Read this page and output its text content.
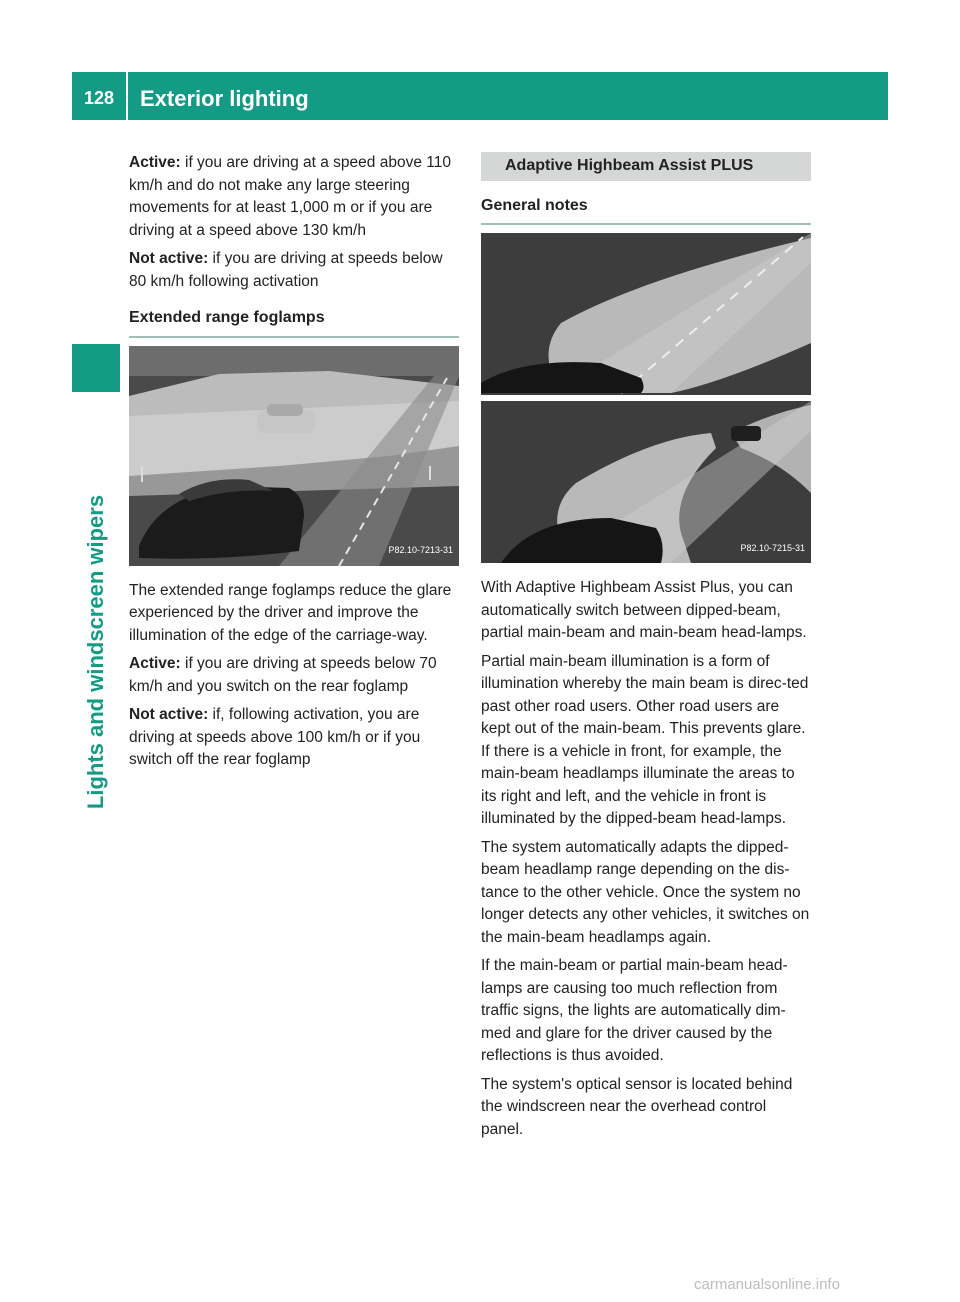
128	Exterior lighting
Lights and windscreen wipers

Active: if you are driving at a speed above 110 km/h and do not make any large steering movements for at least 1,000 m or if you are driving at a speed above 130 km/h

Not active: if you are driving at speeds below 80 km/h following activation

Extended range foglamps
P82.10-7213-31

The extended range foglamps reduce the glare experienced by the driver and improve the illumination of the edge of the carriage-way.

Active: if you are driving at speeds below 70 km/h and you switch on the rear foglamp

Not active: if, following activation, you are driving at speeds above 100 km/h or if you switch off the rear foglamp

Adaptive Highbeam Assist PLUS
General notes
P82.10-7215-31

With Adaptive Highbeam Assist Plus, you can automatically switch between dipped-beam, partial main-beam and main-beam head-lamps.

Partial main-beam illumination is a form of illumination whereby the main beam is direc-ted past other road users. Other road users are kept out of the main-beam. This prevents glare. If there is a vehicle in front, for example, the main-beam headlamps illuminate the areas to its right and left, and the vehicle in front is illuminated by the dipped-beam head-lamps.

The system automatically adapts the dipped-beam headlamp range depending on the dis-tance to the other vehicle. Once the system no longer detects any other vehicles, it switches on the main-beam headlamps again.

If the main-beam or partial main-beam head-lamps are causing too much reflection from traffic signs, the lights are automatically dim-med and glare for the driver caused by the reflections is thus avoided.

The system's optical sensor is located behind the windscreen near the overhead control panel.

carmanualsonline.info
